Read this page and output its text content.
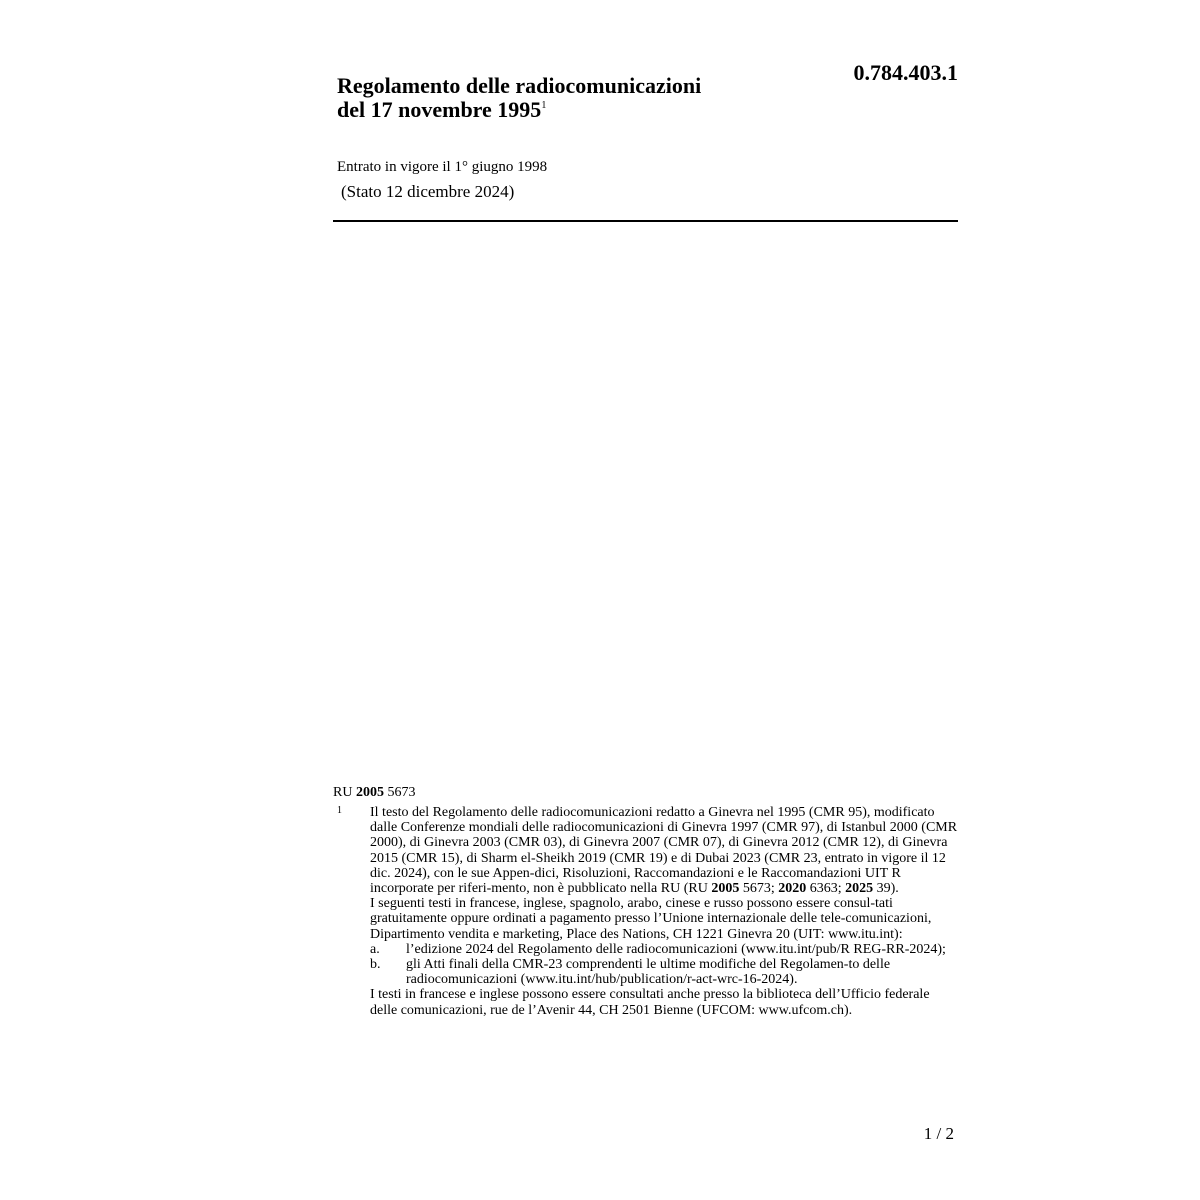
0.784.403.1
Regolamento delle radiocomunicazioni
del 17 novembre 1995$^1$
Entrato in vigore il 1° giugno 1998
(Stato 12 dicembre 2024)
RU 2005 5673
1 Il testo del Regolamento delle radiocomunicazioni redatto a Ginevra nel 1995 (CMR 95), modificato dalle Conferenze mondiali delle radiocomunicazioni di Ginevra 1997 (CMR 97), di Istanbul 2000 (CMR 2000), di Ginevra 2003 (CMR 03), di Ginevra 2007 (CMR 07), di Ginevra 2012 (CMR 12), di Ginevra 2015 (CMR 15), di Sharm el-Sheikh 2019 (CMR 19) e di Dubai 2023 (CMR 23, entrato in vigore il 12 dic. 2024), con le sue Appen-dici, Risoluzioni, Raccomandazioni e le Raccomandazioni UIT R incorporate per riferi-mento, non è pubblicato nella RU (RU 2005 5673; 2020 6363; 2025 39).

I seguenti testi in francese, inglese, spagnolo, arabo, cinese e russo possono essere consul-tati gratuitamente oppure ordinati a pagamento presso l’Unione internazionale delle tele-comunicazioni, Dipartimento vendita e marketing, Place des Nations, CH 1221 Ginevra 20 (UIT: www.itu.int):

a. l’edizione 2024 del Regolamento delle radiocomunicazioni (www.itu.int/pub/R REG-RR-2024);
b. gli Atti finali della CMR-23 comprendenti le ultime modifiche del Regolamen-to delle radiocomunicazioni (www.itu.int/hub/publication/r-act-wrc-16-2024).

I testi in francese e inglese possono essere consultati anche presso la biblioteca dell’Ufficio federale delle comunicazioni, rue de l’Avenir 44, CH 2501 Bienne (UFCOM: www.ufcom.ch).

1 / 2
